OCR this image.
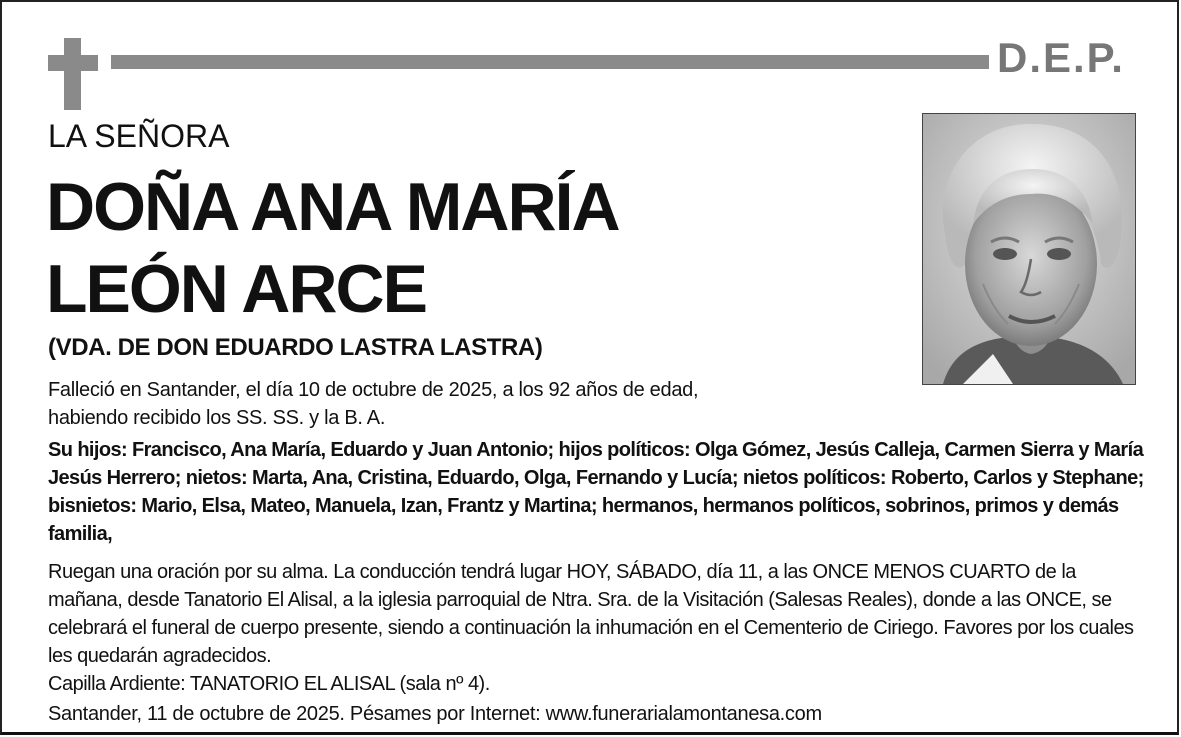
D.E.P.
LA SEÑORA
DOÑA ANA MARÍA
LEÓN ARCE
(VDA. DE DON EDUARDO LASTRA LASTRA)

Falleció en Santander, el día 10 de octubre de 2025, a los 92 años de edad,

habiendo recibido los SS. SS. y la B. A.

Su hijos: Francisco, Ana María, Eduardo y Juan Antonio; hijos políticos: Olga Gómez, Jesús Calleja, Carmen Sierra y María Jesús Herrero; nietos: Marta, Ana, Cristina, Eduardo, Olga, Fernando y Lucía; nietos políticos: Roberto, Carlos y Stephane; bisnietos: Mario, Elsa, Mateo, Manuela, Izan, Frantz y Martina; hermanos, hermanos políticos, sobrinos, primos y demás familia,

Ruegan una oración por su alma. La conducción tendrá lugar HOY, SÁBADO, día 11, a las ONCE MENOS CUARTO de la mañana, desde Tanatorio El Alisal, a la iglesia parroquial de Ntra. Sra. de la Visitación (Salesas Reales), donde a las ONCE, se celebrará el funeral de cuerpo presente, siendo a continuación la inhumación en el Cementerio de Ciriego. Favores por los cuales les quedarán agradecidos.

Capilla Ardiente: TANATORIO EL ALISAL (sala nº 4).

Santander, 11 de octubre de 2025. Pésames por Internet: www.funerarialamontanesa.com
